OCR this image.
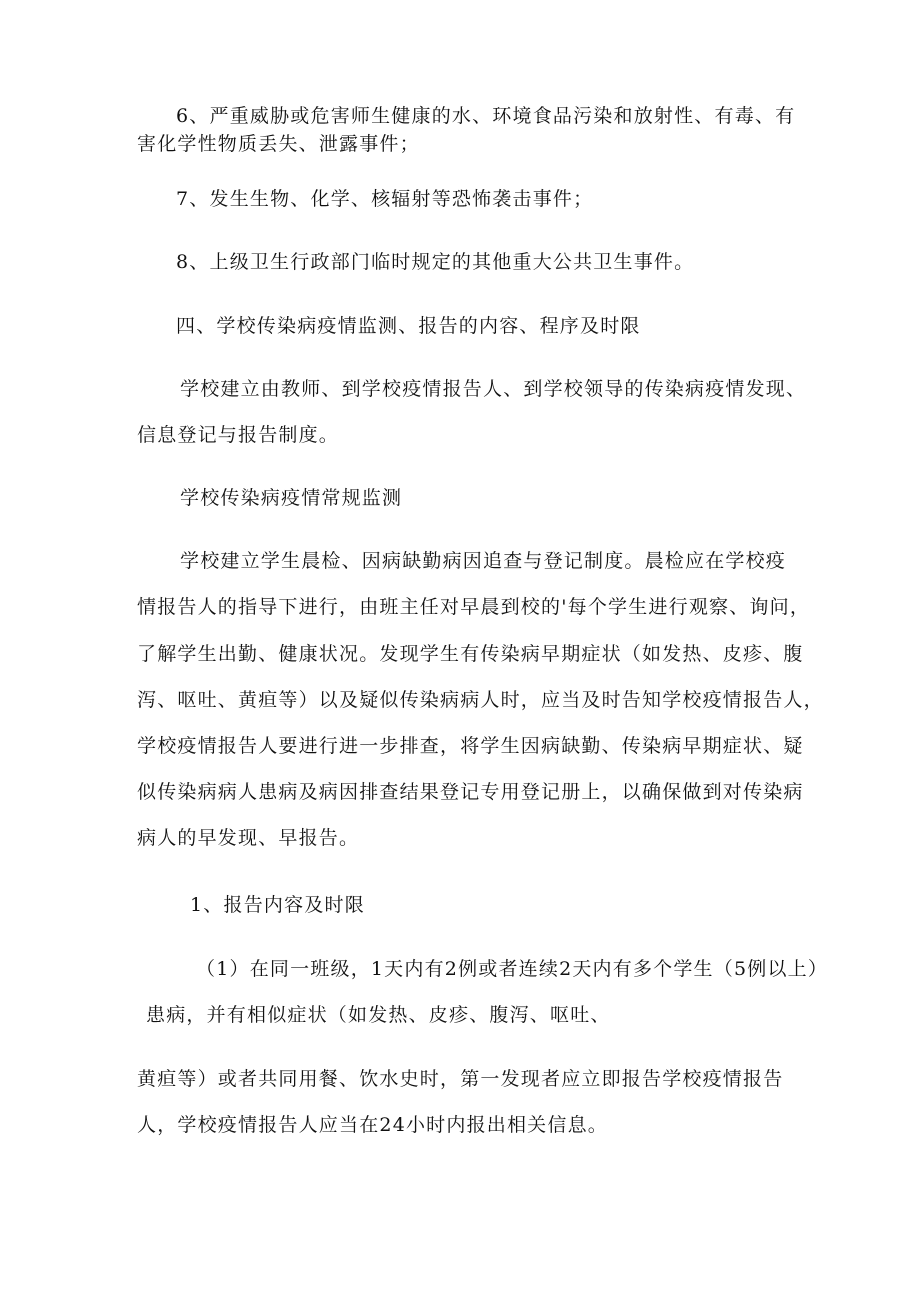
6、严重威胁或危害师生健康的水、环境食品污染和放射性、有毒、有
害化学性物质丢失、泄露事件；
7、发生生物、化学、核辐射等恐怖袭击事件；
8、上级卫生行政部门临时规定的其他重大公共卫生事件。
四、学校传染病疫情监测、报告的内容、程序及时限
学校建立由教师、到学校疫情报告人、到学校领导的传染病疫情发现、
信息登记与报告制度。
学校传染病疫情常规监测
学校建立学生晨检、因病缺勤病因追查与登记制度。晨检应在学校疫
情报告人的指导下进行，由班主任对早晨到校的'每个学生进行观察、询问，
了解学生出勤、健康状况。发现学生有传染病早期症状（如发热、皮疹、腹
泻、呕吐、黄疸等）以及疑似传染病病人时，应当及时告知学校疫情报告人，
学校疫情报告人要进行进一步排查，将学生因病缺勤、传染病早期症状、疑
似传染病病人患病及病因排查结果登记专用登记册上，以确保做到对传染病
病人的早发现、早报告。
1、报告内容及时限
（1）在同一班级，1天内有2例或者连续2天内有多个学生（5例以上）
患病，并有相似症状（如发热、皮疹、腹泻、呕吐、
黄疸等）或者共同用餐、饮水史时，第一发现者应立即报告学校疫情报告
人，学校疫情报告人应当在24小时内报出相关信息。
